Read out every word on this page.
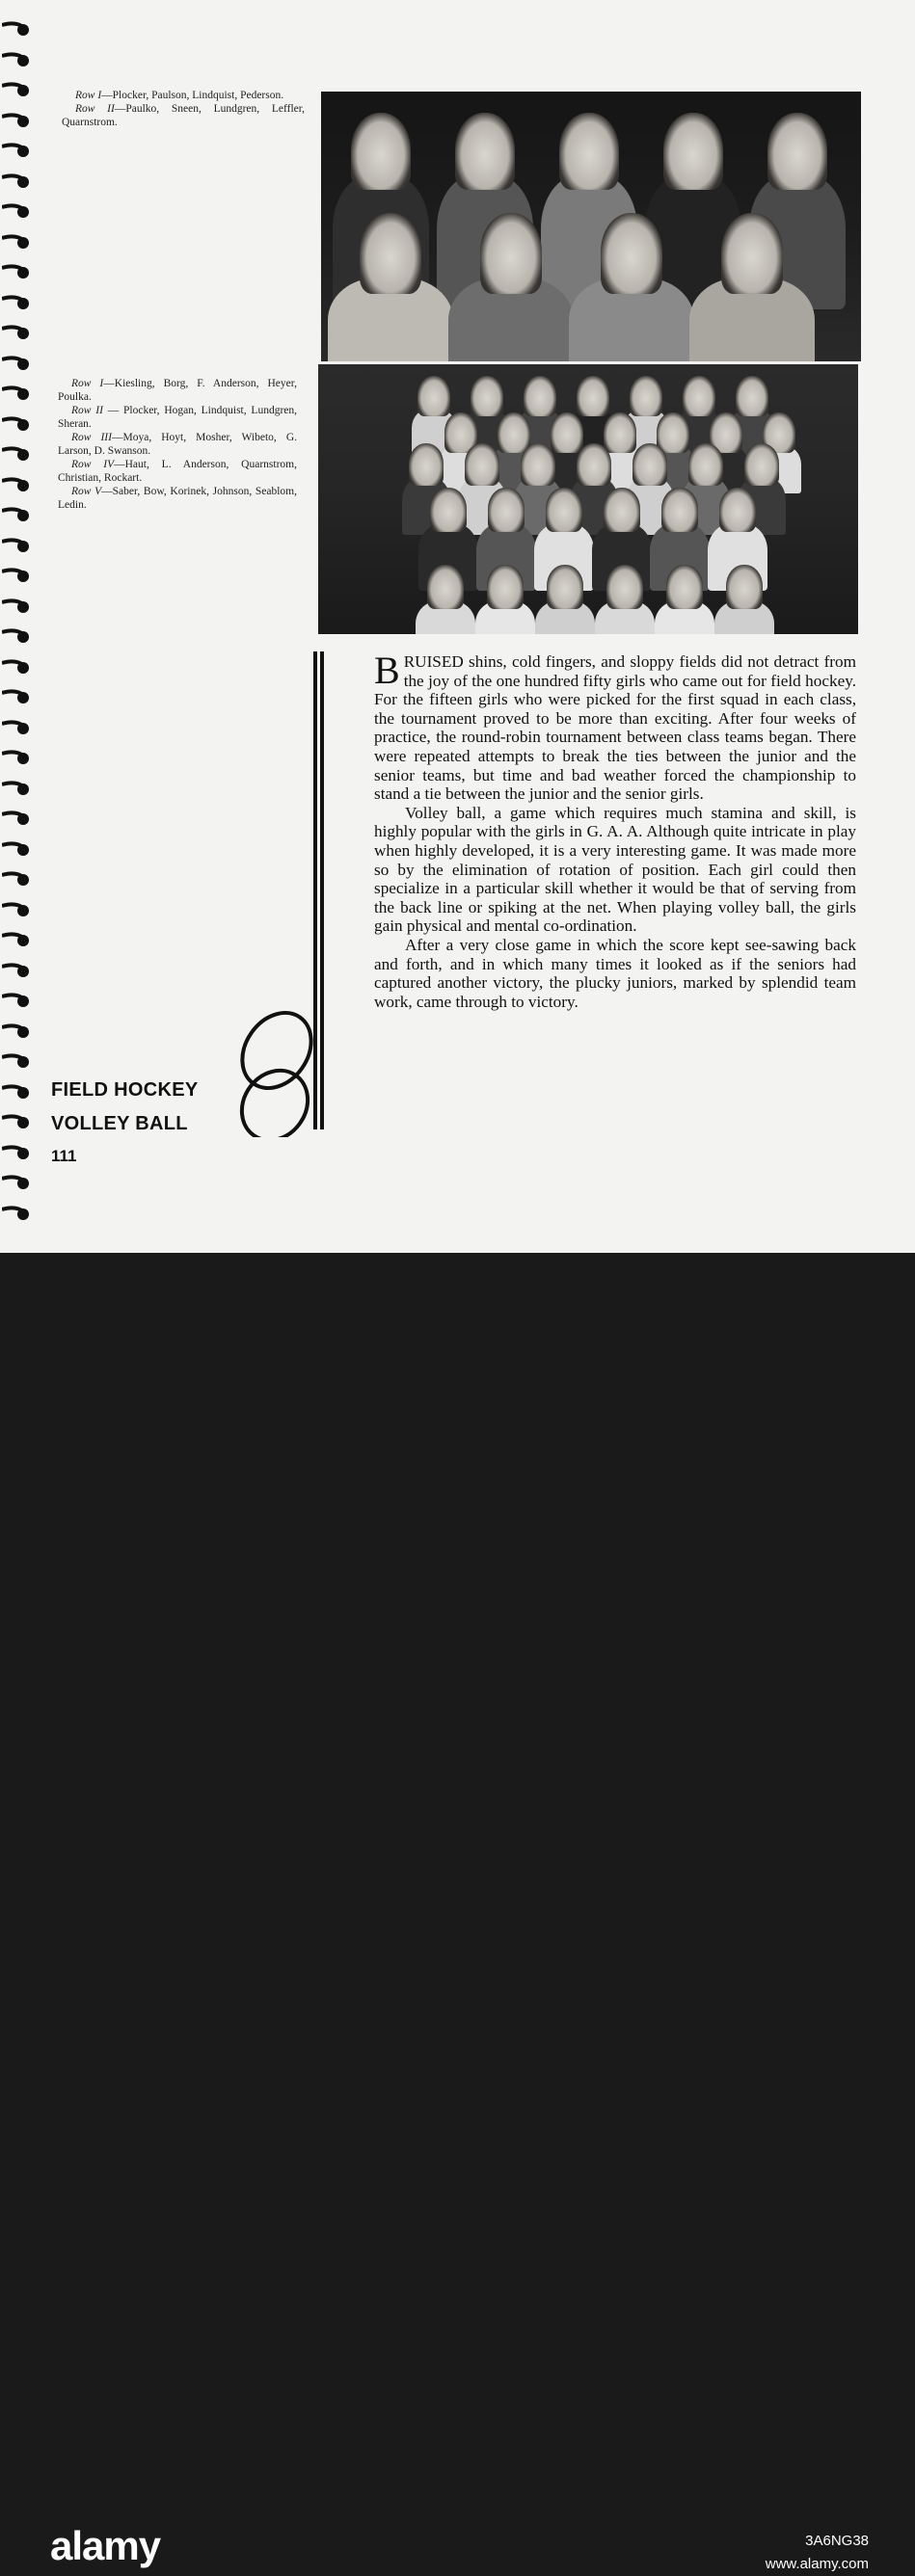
Row I—Plocker, Paulson, Lindquist, Pederson.

Row II—Paulko, Sneen, Lundgren, Leffler, Quarnstrom.

Row I—Kiesling, Borg, F. Anderson, Heyer, Poulka.

Row II — Plocker, Hogan, Lindquist, Lundgren, Sheran.

Row III—Moya, Hoyt, Mosher, Wibeto, G. Larson, D. Swanson.

Row IV—Haut, L. Anderson, Quarnstrom, Christian, Rockart.

Row V—Saber, Bow, Korinek, Johnson, Seablom, Ledin.

BRUISED shins, cold fingers, and sloppy fields did not detract from the joy of the one hundred fifty girls who came out for field hockey. For the fifteen girls who were picked for the first squad in each class, the tournament proved to be more than exciting. After four weeks of practice, the round-robin tournament between class teams began. There were repeated attempts to break the ties between the junior and the senior teams, but time and bad weather forced the championship to stand a tie between the junior and the senior girls.

Volley ball, a game which requires much stamina and skill, is highly popular with the girls in G. A. A. Although quite intricate in play when highly developed, it is a very interesting game. It was made more so by the elimination of rotation of position. Each girl could then specialize in a particular skill whether it would be that of serving from the back line or spiking at the net. When playing volley ball, the girls gain physical and mental co-ordination.

After a very close game in which the score kept see-sawing back and forth, and in which many times it looked as if the seniors had captured another victory, the plucky juniors, marked by splendid team work, came through to victory.

FIELD HOCKEY
VOLLEY BALL
111
alamy	3A6NG38
www.alamy.com
